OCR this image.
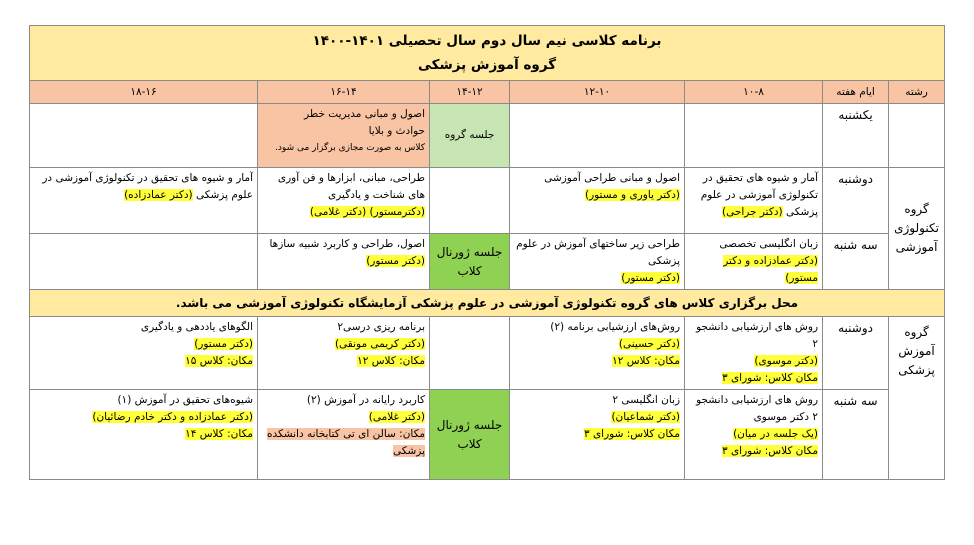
برنامه کلاسی نیم سال دوم سال تحصیلی ۱۴۰۱-۱۴۰۰
گروه آموزش پزشکی						

رشته	ایام هفته	۱۰-۸	۱۲-۱۰	۱۴-۱۲	۱۶-۱۴	۱۸-۱۶
	یکشنبه			جلسه گروه	اصول و مبانی مدیریت خطر
حوادث و بلایا
کلاس به صورت مجازی برگزار می شود.	

گروه تکنولوژی آموزشی	دوشنبه	آمار و شیوه های تحقیق در تکنولوژی آموزشی در علوم پزشکی (دکتر جراحی)	اصول و مبانی طراحی آموزشی
(دکتر یاوری و مستور)		طراحی، مبانی، ابزارها و فن آوری های شناخت و یادگیری
(دکترمستور) (دکتر غلامی)	آمار و شیوه های تحقیق در تکنولوژی آموزشی در علوم پزشکی (دکتر عمادزاده)
	سه شنبه	زبان انگلیسی تخصصی
(دکتر عمادزاده و دکتر مستور)	طراحی زیر ساختهای آموزش در علوم پزشکی
(دکتر مستور)	جلسه ژورنال کلاب	اصول، طراحی و کاربرد شبیه سازها
(دکتر مستور)	
محل برگزاری کلاس های گروه تکنولوژی آموزشی در علوم پزشکی آزمایشگاه تکنولوژی آموزشی می باشد.						
گروه آموزش پزشکی	دوشنبه	روش های ارزشیابی دانشجو ۲
(دکتر موسوی)
مکان کلاس: شورای ۳	روش‌های ارزشیابی برنامه (۲)
(دکتر حسینی)
مکان: کلاس ۱۲		برنامه ریزی درسی۲
(دکتر کریمی مونقی)
مکان: کلاس ۱۲	الگوهای یاددهی و یادگیری
(دکتر مستور)
مکان: کلاس ۱۵

	سه شنبه	روش های ارزشیابی دانشجو ۲ دکتر موسوی
(یک جلسه در میان)
مکان کلاس: شورای ۳	زبان انگلیسی ۲
(دکتر شماعیان)
مکان کلاس: شورای ۳	جلسه ژورنال کلاب	کاربرد رایانه در آموزش (۲)
(دکتر غلامی)
مکان: سالن ای تی کتابخانه دانشکده پزشکی	شیوه‌های تحقیق در آموزش (۱)
(دکتر عمادزاده و دکتر خادم رضائیان)
مکان: کلاس ۱۴
